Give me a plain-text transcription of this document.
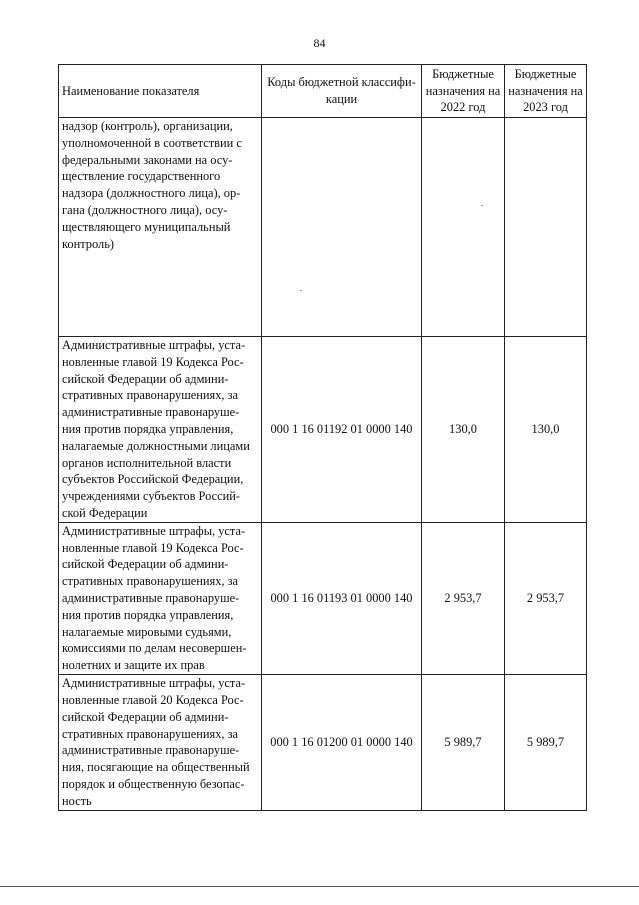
84
Наименование показателя	Коды бюджетной классифи-кации	Бюджетные назначения на 2022 год	Бюджетные назначения на 2023 год
надзор (контроль), организации, уполномоченной в соответствии с федеральными законами на осу-ществление государственного надзора (должностного лица), ор-гана (должностного лица), осу-ществляющего муниципальный контроль)			
Административные штрафы, уста-новленные главой 19 Кодекса Рос-сийской Федерации об админи-стративных правонарушениях, за административные правонаруше-ния против порядка управления, налагаемые должностными лицами органов исполнительной власти субъектов Российской Федерации, учреждениями субъектов Россий-ской Федерации	000 1 16 01192 01 0000 140	130,0	130,0
Административные штрафы, уста-новленные главой 19 Кодекса Рос-сийской Федерации об админи-стративных правонарушениях, за административные правонаруше-ния против порядка управления, налагаемые мировыми судьями, комиссиями по делам несовершен-нолетних и защите их прав	000 1 16 01193 01 0000 140	2 953,7	2 953,7
Административные штрафы, уста-новленные главой 20 Кодекса Рос-сийской Федерации об админи-стративных правонарушениях, за административные правонаруше-ния, посягающие на общественный порядок и общественную безопас-ность	000 1 16 01200 01 0000 140	5 989,7	5 989,7
